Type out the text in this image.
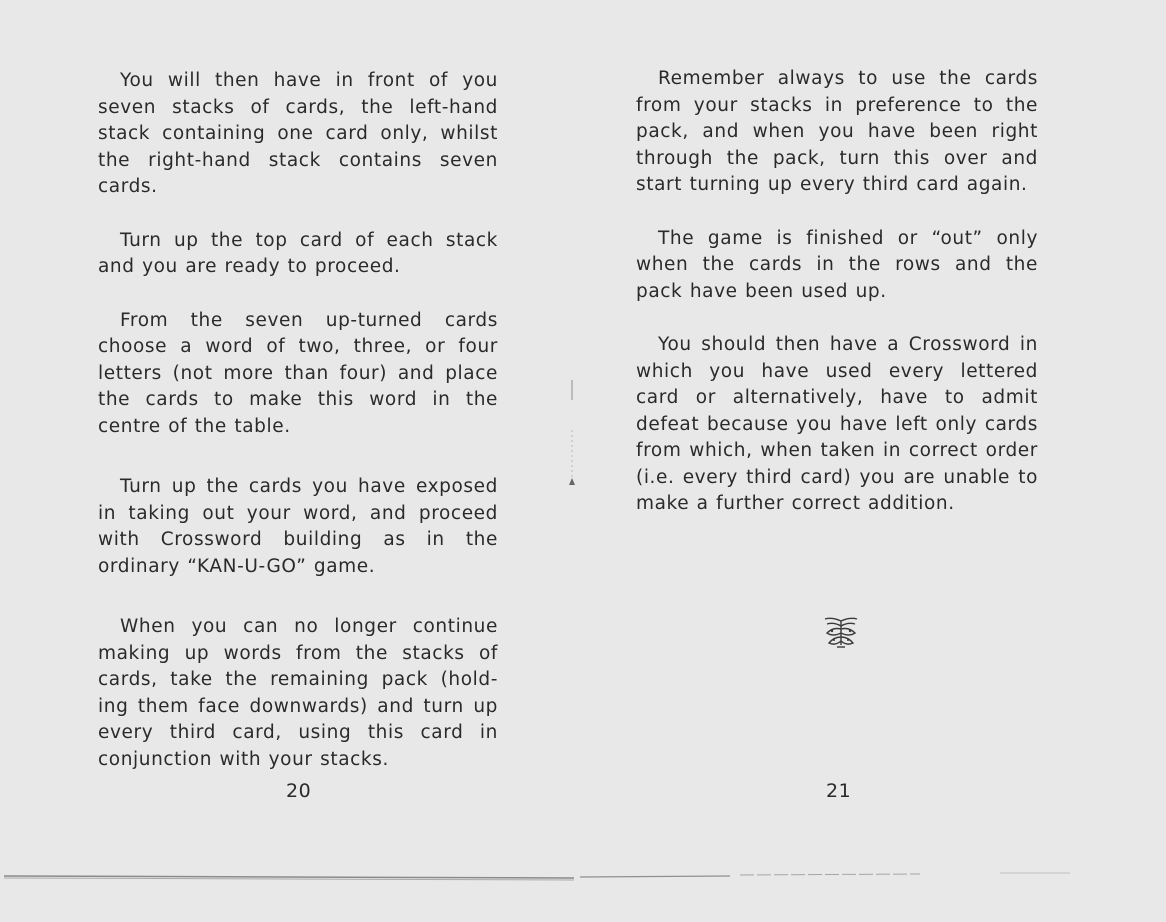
You will then have in front of you seven stacks of cards, the left-hand stack containing one card only, whilst the right-hand stack contains seven cards.

Turn up the top card of each stack and you are ready to proceed.

From the seven up-turned cards choose a word of two, three, or four letters (not more than four) and place the cards to make this word in the centre of the table.

Turn up the cards you have exposed in taking out your word, and proceed with Crossword building as in the ordinary “KAN-U-GO” game.

When you can no longer continue making up words from the stacks of cards, take the remaining pack (hold-ing them face downwards) and turn up every third card, using this card in conjunction with your stacks.

Remember always to use the cards from your stacks in preference to the pack, and when you have been right through the pack, turn this over and start turning up every third card again.

The game is finished or “out” only when the cards in the rows and the pack have been used up.

You should then have a Crossword in which you have used every lettered card or alternatively, have to admit defeat because you have left only cards from which, when taken in correct order (i.e. every third card) you are unable to make a further correct addition.

20	21
